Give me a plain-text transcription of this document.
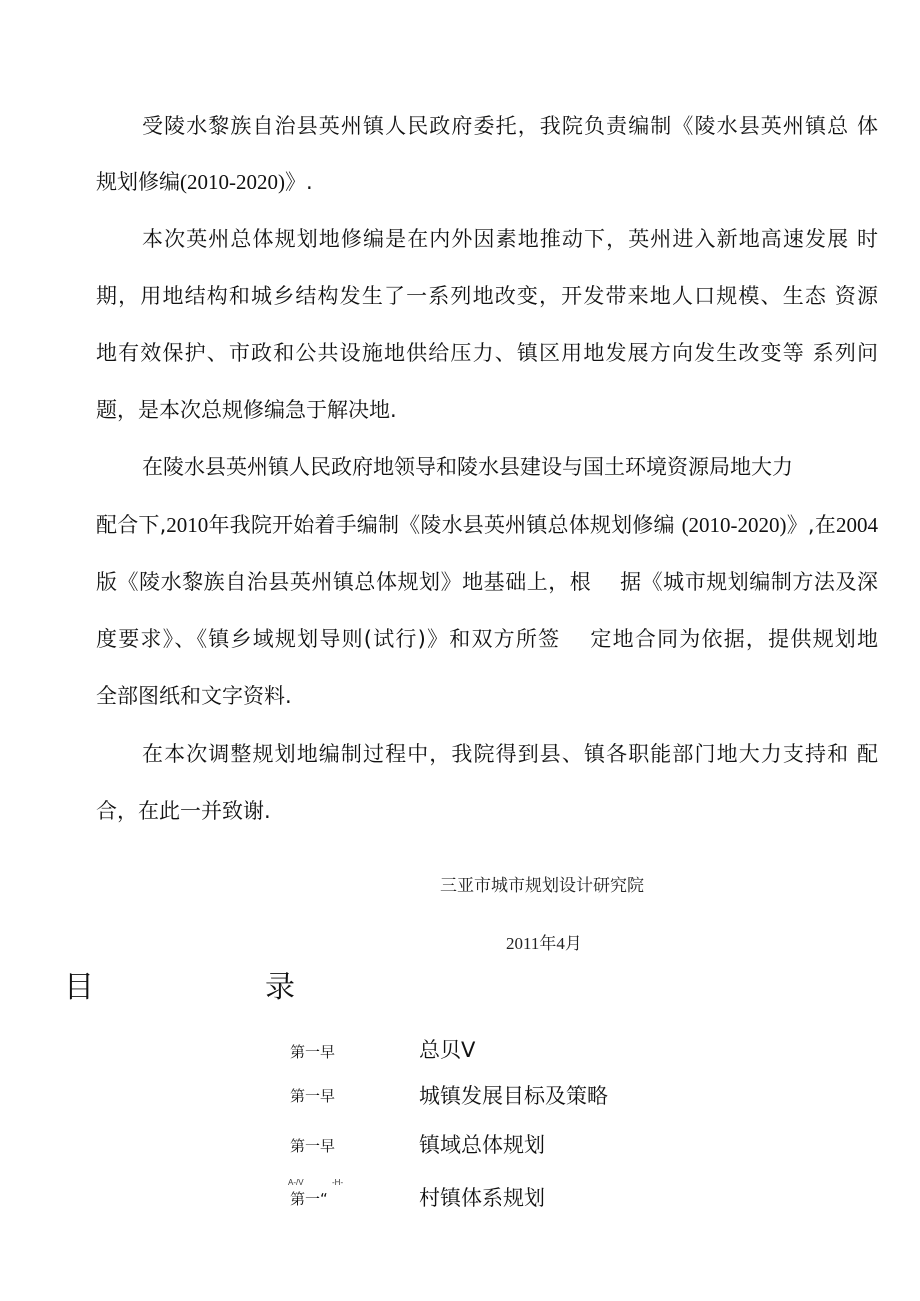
受陵水黎族自治县英州镇人民政府委托，我院负责编制《陵水县英州镇总 体
规划修编(2010-2020)》.
本次英州总体规划地修编是在内外因素地推动下，英州进入新地高速发展 时
期，用地结构和城乡结构发生了一系列地改变，开发带来地人口规模、生态 资源
地有效保护、市政和公共设施地供给压力、镇区用地发展方向发生改变等 系列问
题，是本次总规修编急于解决地.
在陵水县英州镇人民政府地领导和陵水县建设与国土环境资源局地大力
配合下,2010年我院开始着手编制《陵水县英州镇总体规划修编 (2010-2020)》,在2004
版《陵水黎族自治县英州镇总体规划》地基础上，根　 据《城市规划编制方法及深
度要求》、《镇乡域规划导则(试行)》和双方所签　 定地合同为依据，提供规划地
全部图纸和文字资料.
在本次调整规划地编制过程中，我院得到县、镇各职能部门地大力支持和 配
合，在此一并致谢.
三亚市城市规划设计研究院
2011年4月
目	录
第一早	总贝V
第一早	城镇发展目标及策略
第一早	镇域总体规划
A-/V	-H-
第一“	村镇体系规划
